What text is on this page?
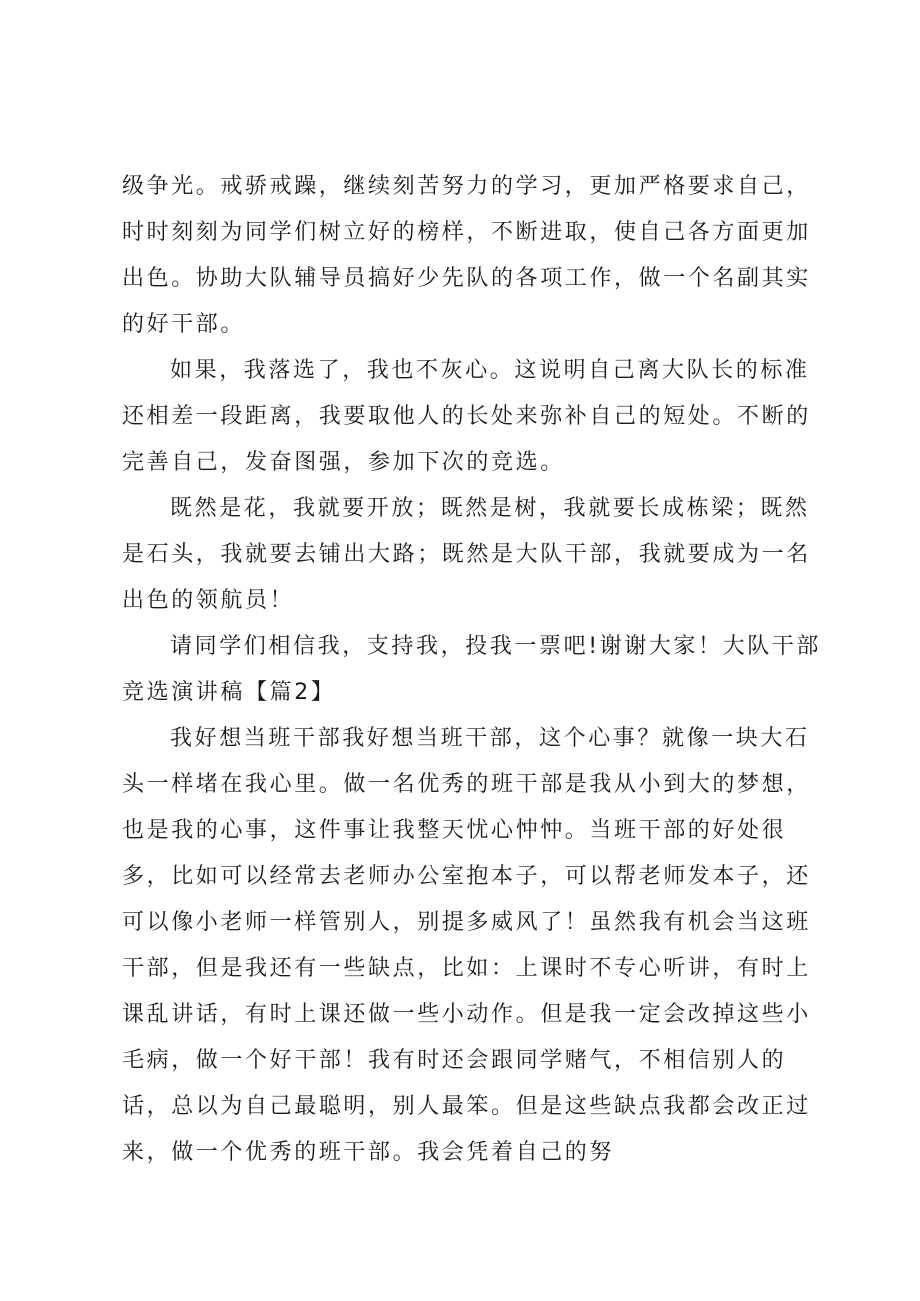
级争光。戒骄戒躁，继续刻苦努力的学习，更加严格要求自己，时时刻刻为同学们树立好的榜样，不断进取，使自己各方面更加出色。协助大队辅导员搞好少先队的各项工作，做一个名副其实的好干部。

如果，我落选了，我也不灰心。这说明自己离大队长的标准还相差一段距离，我要取他人的长处来弥补自己的短处。不断的完善自己，发奋图强，参加下次的竞选。

既然是花，我就要开放；既然是树，我就要长成栋梁；既然是石头，我就要去铺出大路；既然是大队干部，我就要成为一名出色的领航员！

请同学们相信我，支持我，投我一票吧!谢谢大家！大队干部竞选演讲稿【篇2】

我好想当班干部我好想当班干部，这个心事？就像一块大石头一样堵在我心里。做一名优秀的班干部是我从小到大的梦想，也是我的心事，这件事让我整天忧心忡忡。当班干部的好处很多，比如可以经常去老师办公室抱本子，可以帮老师发本子，还可以像小老师一样管别人，别提多威风了！虽然我有机会当这班干部，但是我还有一些缺点，比如：上课时不专心听讲，有时上课乱讲话，有时上课还做一些小动作。但是我一定会改掉这些小毛病，做一个好干部！我有时还会跟同学赌气，不相信别人的话，总以为自己最聪明，别人最笨。但是这些缺点我都会改正过来，做一个优秀的班干部。我会凭着自己的努
